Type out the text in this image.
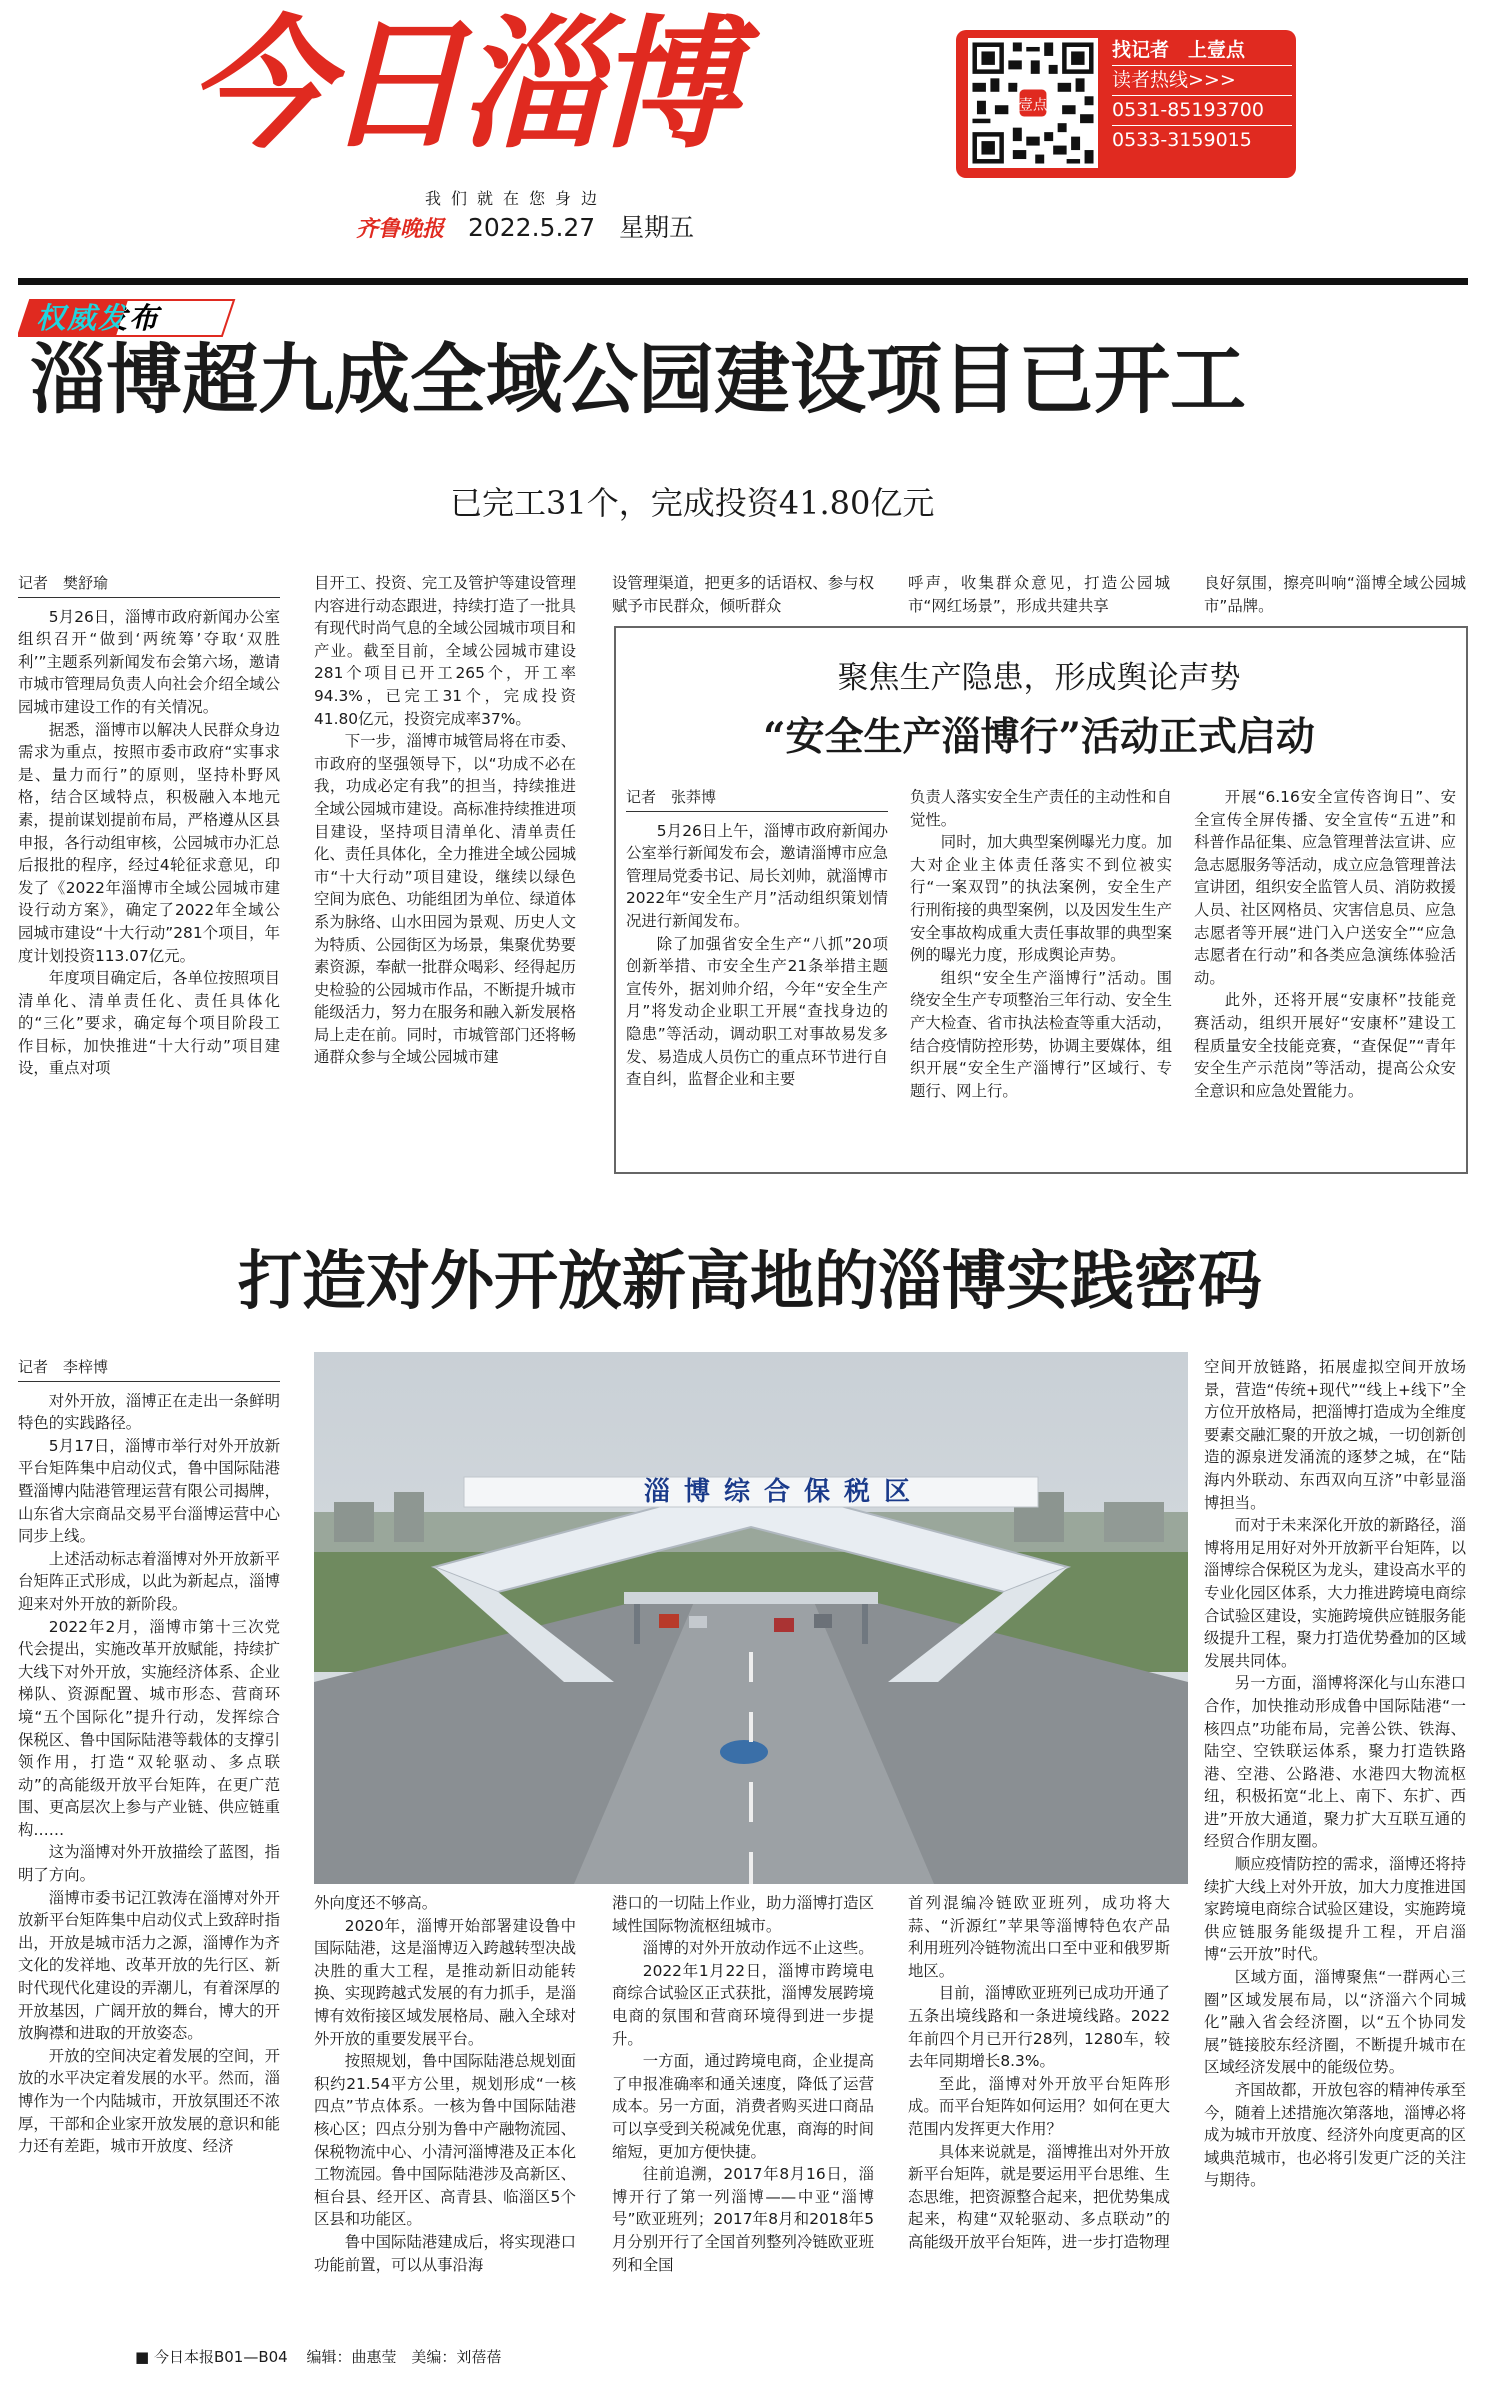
今日淄博	壹点
找记者　上壹点
读者热线>>>
0531-85193700
0533-3159015
我们就在您身边
齐鲁晚报 2022.5.27 星期五
权威发布
淄博超九成全域公园建设项目已开工
已完工31个，完成投资41.80亿元
记者　樊舒瑜

5月26日，淄博市政府新闻办公室组织召开“做到‘两统筹’夺取‘双胜利’”主题系列新闻发布会第六场，邀请市城市管理局负责人向社会介绍全域公园城市建设工作的有关情况。

据悉，淄博市以解决人民群众身边需求为重点，按照市委市政府“实事求是、量力而行”的原则，坚持朴野风格，结合区域特点，积极融入本地元素，提前谋划提前布局，严格遵从区县申报，各行动组审核，公园城市办汇总后报批的程序，经过4轮征求意见，印发了《2022年淄博市全域公园城市建设行动方案》，确定了2022年全域公园城市建设“十大行动”281个项目，年度计划投资113.07亿元。

年度项目确定后，各单位按照项目清单化、清单责任化、责任具体化的“三化”要求，确定每个项目阶段工作目标，加快推进“十大行动”项目建设，重点对项

目开工、投资、完工及管护等建设管理内容进行动态跟进，持续打造了一批具有现代时尚气息的全域公园城市项目和产业。截至目前，全域公园城市建设281个项目已开工265个，开工率94.3%，已完工31个，完成投资41.80亿元，投资完成率37%。

下一步，淄博市城管局将在市委、市政府的坚强领导下，以“功成不必在我，功成必定有我”的担当，持续推进全域公园城市建设。高标准持续推进项目建设，坚持项目清单化、清单责任化、责任具体化，全力推进全域公园城市“十大行动”项目建设，继续以绿色空间为底色、功能组团为单位、绿道体系为脉络、山水田园为景观、历史人文为特质、公园街区为场景，集聚优势要素资源，奉献一批群众喝彩、经得起历史检验的公园城市作品，不断提升城市能级活力，努力在服务和融入新发展格局上走在前。同时，市城管部门还将畅通群众参与全域公园城市建

设管理渠道，把更多的话语权、参与权赋予市民群众，倾听群众

呼声，收集群众意见，打造公园城市“网红场景”，形成共建共享

良好氛围，擦亮叫响“淄博全域公园城市”品牌。

聚焦生产隐患，形成舆论声势
“安全生产淄博行”活动正式启动
记者　张莽博

5月26日上午，淄博市政府新闻办公室举行新闻发布会，邀请淄博市应急管理局党委书记、局长刘帅，就淄博市2022年“安全生产月”活动组织策划情况进行新闻发布。

除了加强省安全生产“八抓”20项创新举措、市安全生产21条举措主题宣传外，据刘帅介绍，今年“安全生产月”将发动企业职工开展“查找身边的隐患”等活动，调动职工对事故易发多发、易造成人员伤亡的重点环节进行自查自纠，监督企业和主要

负责人落实安全生产责任的主动性和自觉性。

同时，加大典型案例曝光力度。加大对企业主体责任落实不到位被实行“一案双罚”的执法案例，安全生产行刑衔接的典型案例，以及因发生生产安全事故构成重大责任事故罪的典型案例的曝光力度，形成舆论声势。

组织“安全生产淄博行”活动。围绕安全生产专项整治三年行动、安全生产大检查、省市执法检查等重大活动，结合疫情防控形势，协调主要媒体，组织开展“安全生产淄博行”区域行、专题行、网上行。

开展“6.16安全宣传咨询日”、安全宣传全屏传播、安全宣传“五进”和科普作品征集、应急管理普法宣讲、应急志愿服务等活动，成立应急管理普法宣讲团，组织安全监管人员、消防救援人员、社区网格员、灾害信息员、应急志愿者等开展“进门入户送安全”“应急志愿者在行动”和各类应急演练体验活动。

此外，还将开展“安康杯”技能竞赛活动，组织开展好“安康杯”建设工程质量安全技能竞赛，“查保促”“青年安全生产示范岗”等活动，提高公众安全意识和应急处置能力。

打造对外开放新高地的淄博实践密码
淄博综合保税区
记者　李梓博

对外开放，淄博正在走出一条鲜明特色的实践路径。

5月17日，淄博市举行对外开放新平台矩阵集中启动仪式，鲁中国际陆港暨淄博内陆港管理运营有限公司揭牌，山东省大宗商品交易平台淄博运营中心同步上线。

上述活动标志着淄博对外开放新平台矩阵正式形成，以此为新起点，淄博迎来对外开放的新阶段。

2022年2月，淄博市第十三次党代会提出，实施改革开放赋能，持续扩大线下对外开放，实施经济体系、企业梯队、资源配置、城市形态、营商环境“五个国际化”提升行动，发挥综合保税区、鲁中国际陆港等载体的支撑引领作用，打造“双轮驱动、多点联动”的高能级开放平台矩阵，在更广范围、更高层次上参与产业链、供应链重构……

这为淄博对外开放描绘了蓝图，指明了方向。

淄博市委书记江敦涛在淄博对外开放新平台矩阵集中启动仪式上致辞时指出，开放是城市活力之源，淄博作为齐文化的发祥地、改革开放的先行区、新时代现代化建设的弄潮儿，有着深厚的开放基因，广阔开放的舞台，博大的开放胸襟和进取的开放姿态。

开放的空间决定着发展的空间，开放的水平决定着发展的水平。然而，淄博作为一个内陆城市，开放氛围还不浓厚，干部和企业家开放发展的意识和能力还有差距，城市开放度、经济

外向度还不够高。

2020年，淄博开始部署建设鲁中国际陆港，这是淄博迈入跨越转型决战决胜的重大工程，是推动新旧动能转换、实现跨越式发展的有力抓手，是淄博有效衔接区域发展格局、融入全球对外开放的重要发展平台。

按照规划，鲁中国际陆港总规划面积约21.54平方公里，规划形成“一核四点”节点体系。一核为鲁中国际陆港核心区；四点分别为鲁中产融物流园、保税物流中心、小清河淄博港及正本化工物流园。鲁中国际陆港涉及高新区、桓台县、经开区、高青县、临淄区5个区县和功能区。

鲁中国际陆港建成后，将实现港口功能前置，可以从事沿海

港口的一切陆上作业，助力淄博打造区域性国际物流枢纽城市。

淄博的对外开放动作远不止这些。

2022年1月22日，淄博市跨境电商综合试验区正式获批，淄博发展跨境电商的氛围和营商环境得到进一步提升。

一方面，通过跨境电商，企业提高了申报准确率和通关速度，降低了运营成本。另一方面，消费者购买进口商品可以享受到关税减免优惠，商海的时间缩短，更加方便快捷。

往前追溯，2017年8月16日，淄博开行了第一列淄博——中亚“淄博号”欧亚班列；2017年8月和2018年5月分别开行了全国首列整列冷链欧亚班列和全国

首列混编冷链欧亚班列，成功将大蒜、“沂源红”苹果等淄博特色农产品利用班列冷链物流出口至中亚和俄罗斯地区。

目前，淄博欧亚班列已成功开通了五条出境线路和一条进境线路。2022年前四个月已开行28列，1280车，较去年同期增长8.3%。

至此，淄博对外开放平台矩阵形成。而平台矩阵如何运用？如何在更大范围内发挥更大作用？

具体来说就是，淄博推出对外开放新平台矩阵，就是要运用平台思维、生态思维，把资源整合起来，把优势集成起来，构建“双轮驱动、多点联动”的高能级开放平台矩阵，进一步打造物理

空间开放链路，拓展虚拟空间开放场景，营造“传统+现代”“线上+线下”全方位开放格局，把淄博打造成为全维度要素交融汇聚的开放之城，一切创新创造的源泉迸发涌流的逐梦之城，在“陆海内外联动、东西双向互济”中彰显淄博担当。

而对于未来深化开放的新路径，淄博将用足用好对外开放新平台矩阵，以淄博综合保税区为龙头，建设高水平的专业化园区体系，大力推进跨境电商综合试验区建设，实施跨境供应链服务能级提升工程，聚力打造优势叠加的区域发展共同体。

另一方面，淄博将深化与山东港口合作，加快推动形成鲁中国际陆港“一核四点”功能布局，完善公铁、铁海、陆空、空铁联运体系，聚力打造铁路港、空港、公路港、水港四大物流枢纽，积极拓宽“北上、南下、东扩、西进”开放大通道，聚力扩大互联互通的经贸合作朋友圈。

顺应疫情防控的需求，淄博还将持续扩大线上对外开放，加大力度推进国家跨境电商综合试验区建设，实施跨境供应链服务能级提升工程，开启淄博“云开放”时代。

区域方面，淄博聚焦“一群两心三圈”区域发展布局，以“济淄六个同城化”融入省会经济圈，以“五个协同发展”链接胶东经济圈，不断提升城市在区域经济发展中的能级位势。

齐国故都，开放包容的精神传承至今，随着上述措施次第落地，淄博必将成为城市开放度、经济外向度更高的区域典范城市，也必将引发更广泛的关注与期待。

■ 今日本报B01—B04 编辑：曲惠莹 美编：刘蓓蓓
